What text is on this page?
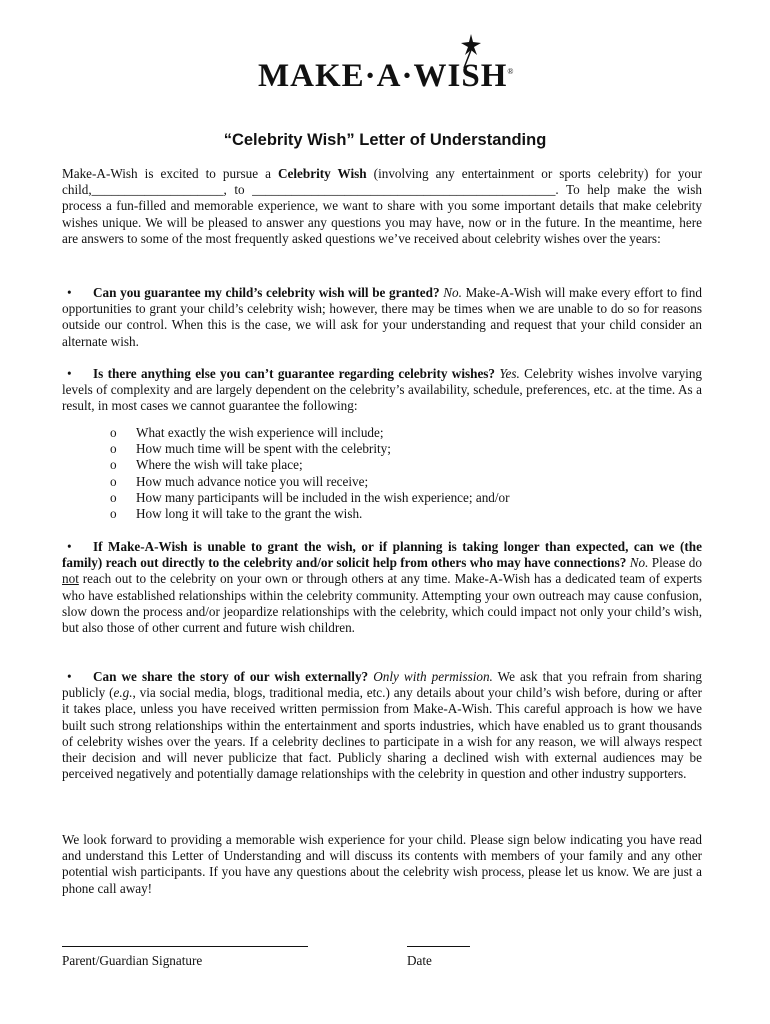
MAKE·A·WISH®
“Celebrity Wish” Letter of Understanding

Make-A-Wish is excited to pursue a Celebrity Wish (involving any entertainment or sports celebrity) for your child,____________________, to ______________________________________________. To help make the wish process a fun-filled and memorable experience, we want to share with you some important details that make celebrity wishes unique. We will be pleased to answer any questions you may have, now or in the future. In the meantime, here are answers to some of the most frequently asked questions we’ve received about celebrity wishes over the years:

• Can you guarantee my child’s celebrity wish will be granted? No. Make-A-Wish will make every effort to find opportunities to grant your child’s celebrity wish; however, there may be times when we are unable to do so for reasons outside our control. When this is the case, we will ask for your understanding and request that your child consider an alternate wish.

• Is there anything else you can’t guarantee regarding celebrity wishes? Yes. Celebrity wishes involve varying levels of complexity and are largely dependent on the celebrity’s availability, schedule, preferences, etc. at the time. As a result, in most cases we cannot guarantee the following:

o What exactly the wish experience will include;
o How much time will be spent with the celebrity;
o Where the wish will take place;
o How much advance notice you will receive;
o How many participants will be included in the wish experience; and/or
o How long it will take to the grant the wish.

• If Make-A-Wish is unable to grant the wish, or if planning is taking longer than expected, can we (the family) reach out directly to the celebrity and/or solicit help from others who may have connections? No. Please do not reach out to the celebrity on your own or through others at any time. Make-A-Wish has a dedicated team of experts who have established relationships within the celebrity community. Attempting your own outreach may cause confusion, slow down the process and/or jeopardize relationships with the celebrity, which could impact not only your child’s wish, but also those of other current and future wish children.

• Can we share the story of our wish externally? Only with permission. We ask that you refrain from sharing publicly (e.g., via social media, blogs, traditional media, etc.) any details about your child’s wish before, during or after it takes place, unless you have received written permission from Make-A-Wish. This careful approach is how we have built such strong relationships within the entertainment and sports industries, which have enabled us to grant thousands of celebrity wishes over the years. If a celebrity declines to participate in a wish for any reason, we will always respect their decision and will never publicize that fact. Publicly sharing a declined wish with external audiences may be perceived negatively and potentially damage relationships with the celebrity in question and other industry supporters.

We look forward to providing a memorable wish experience for your child. Please sign below indicating you have read and understand this Letter of Understanding and will discuss its contents with members of your family and any other potential wish participants. If you have any questions about the celebrity wish process, please let us know. We are just a phone call away!

Parent/Guardian Signature	Date
